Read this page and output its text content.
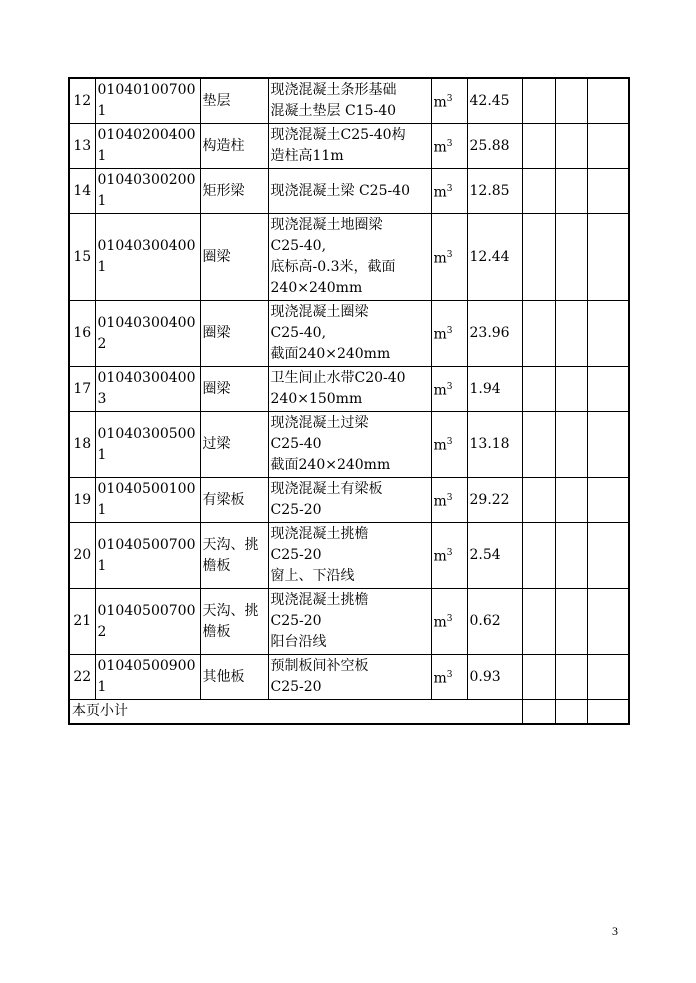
12	010401007001	垫层	现浇混凝土条形基础
混凝土垫层 C15-40	$m^3$	42.45			
13	010402004001	构造柱	现浇混凝土C25-40构
造柱高11m	$m^3$	25.88			
14	010403002001	矩形梁	现浇混凝土梁 C25-40	$m^3$	12.85			
15	010403004001	圈梁	现浇混凝土地圈梁
C25-40,
底标高-0.3米，截面
240×240mm	$m^3$	12.44			
16	010403004002	圈梁	现浇混凝土圈梁
C25-40,
截面240×240mm	$m^3$	23.96			
17	010403004003	圈梁	卫生间止水带C20-40
240×150mm	$m^3$	1.94			
18	010403005001	过梁	现浇混凝土过梁
C25-40
截面240×240mm	$m^3$	13.18			
19	010405001001	有梁板	现浇混凝土有梁板
C25-20	$m^3$	29.22			
20	010405007001	天沟、挑檐板	现浇混凝土挑檐
C25-20
窗上、下沿线	$m^3$	2.54			
21	010405007002	天沟、挑檐板	现浇混凝土挑檐
C25-20
阳台沿线	$m^3$	0.62			
22	010405009001	其他板	预制板间补空板
C25-20	$m^3$	0.93			
本页小计								
3
